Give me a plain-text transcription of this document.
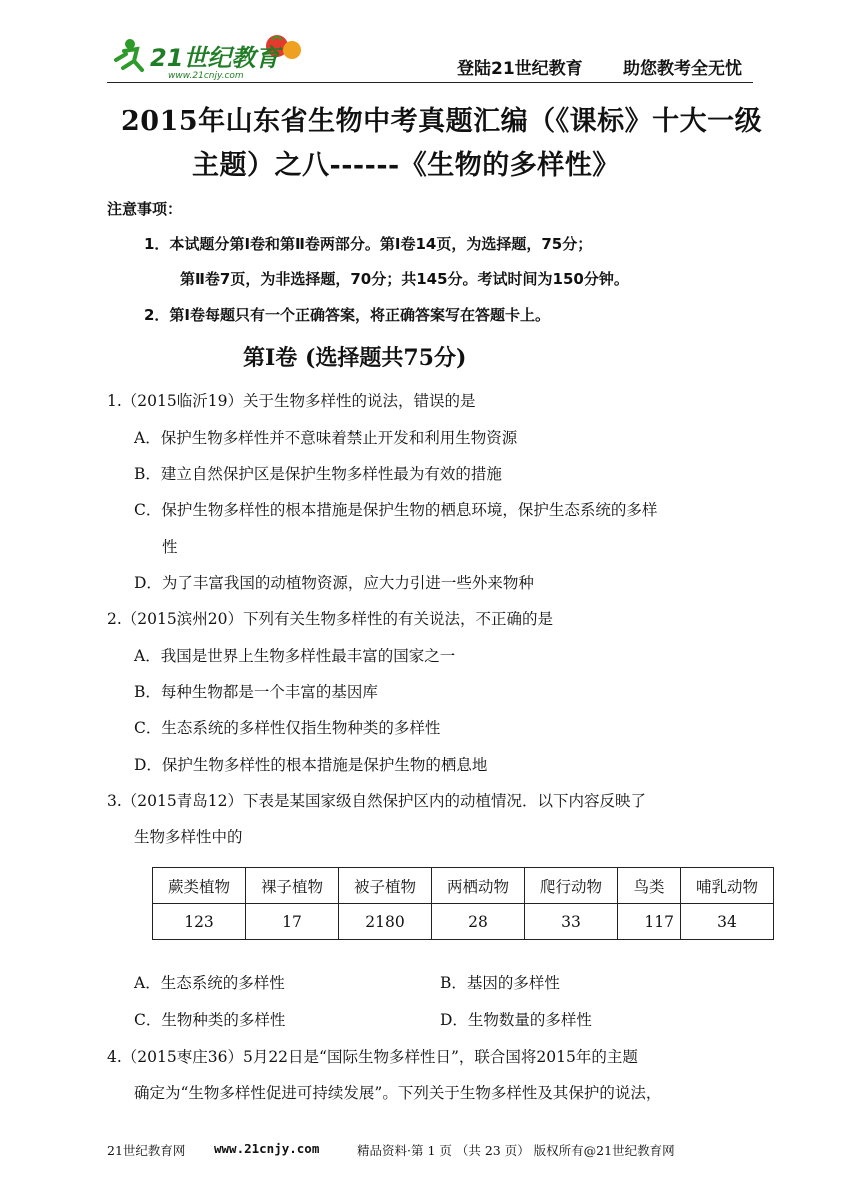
21世纪教育
www.21cnjy.com	登陆21世纪教育 助您教考全无忧
2015年山东省生物中考真题汇编（《课标》十大一级
主题）之八------《生物的多样性》
注意事项：
1．本试题分第Ⅰ卷和第Ⅱ卷两部分。第Ⅰ卷14页，为选择题，75分；
第Ⅱ卷7页，为非选择题，70分；共145分。考试时间为150分钟。
2．第Ⅰ卷每题只有一个正确答案，将正确答案写在答题卡上。
第Ⅰ卷 (选择题共75分)
1.（2015临沂19）关于生物多样性的说法，错误的是
A．保护生物多样性并不意味着禁止开发和利用生物资源
B．建立自然保护区是保护生物多样性最为有效的措施
C．保护生物多样性的根本措施是保护生物的栖息环境，保护生态系统的多样
性
D．为了丰富我国的动植物资源，应大力引进一些外来物种
2.（2015滨州20）下列有关生物多样性的有关说法，不正确的是
A．我国是世界上生物多样性最丰富的国家之一
B．每种生物都是一个丰富的基因库
C．生态系统的多样性仅指生物种类的多样性
D．保护生物多样性的根本措施是保护生物的栖息地
3.（2015青岛12）下表是某国家级自然保护区内的动植情况．以下内容反映了
生物多样性中的
蕨类植物	裸子植物	被子植物	两栖动物	爬行动物	鸟类	哺乳动物
123	17	2180	28	33	117	34
A．生态系统的多样性	B．基因的多样性
C．生物种类的多样性	D．生物数量的多样性
4.（2015枣庄36）5月22日是“国际生物多样性日”，联合国将2015年的主题
确定为“生物多样性促进可持续发展”。下列关于生物多样性及其保护的说法，
21世纪教育网 www.21cnjy.com	精品资料·第 1 页 （共 23 页） 版权所有@21世纪教育网
